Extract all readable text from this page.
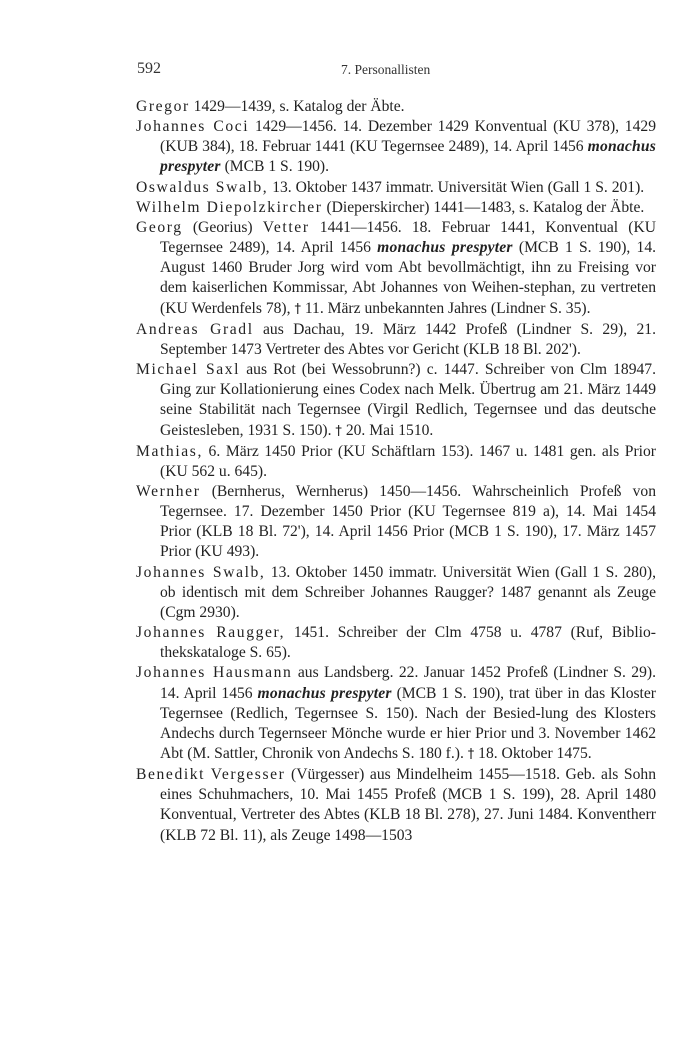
592	7. Personallisten

Gregor 1429—1439, s. Katalog der Äbte.

Johannes Coci 1429—1456. 14. Dezember 1429 Konventual (KU 378), 1429 (KUB 384), 18. Februar 1441 (KU Tegernsee 2489), 14. April 1456 monachus prespyter (MCB 1 S. 190).

Oswaldus Swalb, 13. Oktober 1437 immatr. Universität Wien (Gall 1 S. 201).

Wilhelm Diepolzkircher (Dieperskircher) 1441—1483, s. Katalog der Äbte.

Georg (Georius) Vetter 1441—1456. 18. Februar 1441, Konventual (KU Tegernsee 2489), 14. April 1456 monachus prespyter (MCB 1 S. 190), 14. August 1460 Bruder Jorg wird vom Abt bevollmächtigt, ihn zu Freising vor dem kaiserlichen Kommissar, Abt Johannes von Weihen-stephan, zu vertreten (KU Werdenfels 78), † 11. März unbekannten Jahres (Lindner S. 35).

Andreas Gradl aus Dachau, 19. März 1442 Profeß (Lindner S. 29), 21. September 1473 Vertreter des Abtes vor Gericht (KLB 18 Bl. 202').

Michael Saxl aus Rot (bei Wessobrunn?) c. 1447. Schreiber von Clm 18947. Ging zur Kollationierung eines Codex nach Melk. Übertrug am 21. März 1449 seine Stabilität nach Tegernsee (Virgil Redlich, Tegernsee und das deutsche Geistesleben, 1931 S. 150). † 20. Mai 1510.

Mathias, 6. März 1450 Prior (KU Schäftlarn 153). 1467 u. 1481 gen. als Prior (KU 562 u. 645).

Wernher (Bernherus, Wernherus) 1450—1456. Wahrscheinlich Profeß von Tegernsee. 17. Dezember 1450 Prior (KU Tegernsee 819 a), 14. Mai 1454 Prior (KLB 18 Bl. 72'), 14. April 1456 Prior (MCB 1 S. 190), 17. März 1457 Prior (KU 493).

Johannes Swalb, 13. Oktober 1450 immatr. Universität Wien (Gall 1 S. 280), ob identisch mit dem Schreiber Johannes Raugger? 1487 genannt als Zeuge (Cgm 2930).

Johannes Raugger, 1451. Schreiber der Clm 4758 u. 4787 (Ruf, Biblio-thekskataloge S. 65).

Johannes Hausmann aus Landsberg. 22. Januar 1452 Profeß (Lindner S. 29). 14. April 1456 monachus prespyter (MCB 1 S. 190), trat über in das Kloster Tegernsee (Redlich, Tegernsee S. 150). Nach der Besied-lung des Klosters Andechs durch Tegernseer Mönche wurde er hier Prior und 3. November 1462 Abt (M. Sattler, Chronik von Andechs S. 180 f.). † 18. Oktober 1475.

Benedikt Vergesser (Vürgesser) aus Mindelheim 1455—1518. Geb. als Sohn eines Schuhmachers, 10. Mai 1455 Profeß (MCB 1 S. 199), 28. April 1480 Konventual, Vertreter des Abtes (KLB 18 Bl. 278), 27. Juni 1484. Konventherr (KLB 72 Bl. 11), als Zeuge 1498—1503
